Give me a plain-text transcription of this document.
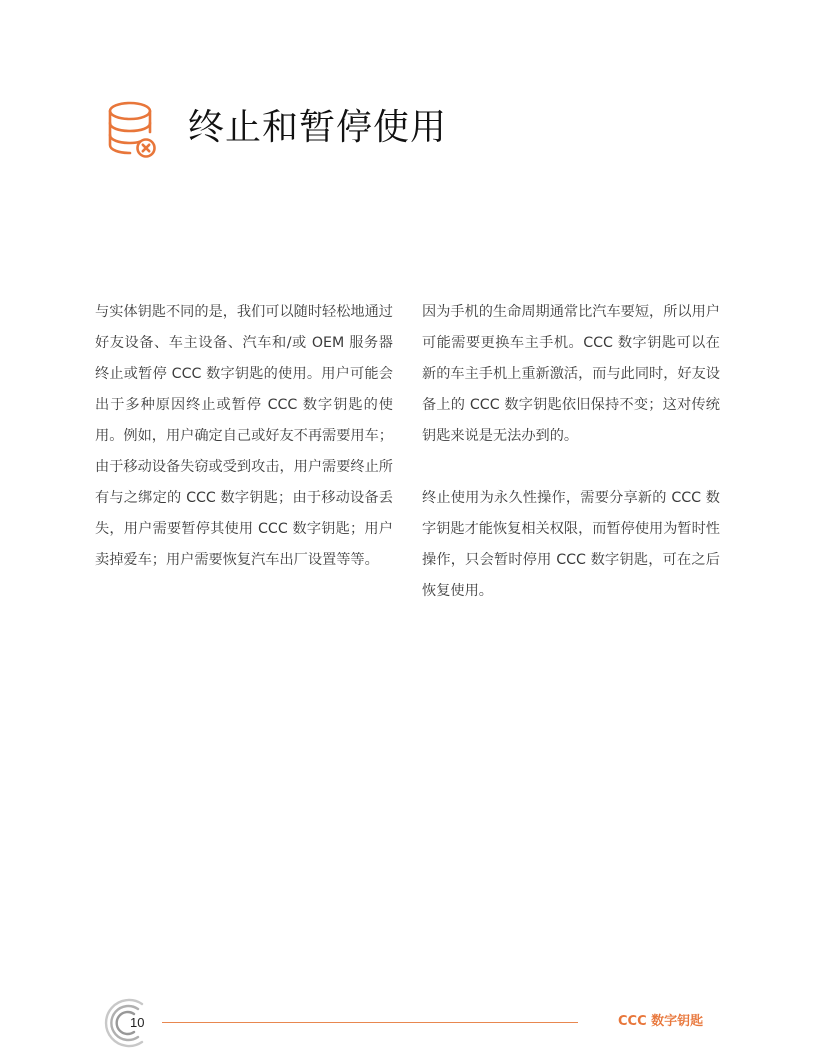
终止和暂停使用

与实体钥匙不同的是，我们可以随时轻松地通过好友设备、车主设备、汽车和/或 OEM 服务器终止或暂停 CCC 数字钥匙的使用。用户可能会出于多种原因终止或暂停 CCC 数字钥匙的使用。例如，用户确定自己或好友不再需要用车；由于移动设备失窃或受到攻击，用户需要终止所有与之绑定的 CCC 数字钥匙；由于移动设备丢失，用户需要暂停其使用 CCC 数字钥匙；用户卖掉爱车；用户需要恢复汽车出厂设置等等。

因为手机的生命周期通常比汽车要短，所以用户可能需要更换车主手机。CCC 数字钥匙可以在新的车主手机上重新激活，而与此同时，好友设备上的 CCC 数字钥匙依旧保持不变；这对传统钥匙来说是无法办到的。

终止使用为永久性操作，需要分享新的 CCC 数字钥匙才能恢复相关权限，而暂停使用为暂时性操作，只会暂时停用 CCC 数字钥匙，可在之后恢复使用。

10	CCC 数字钥匙
